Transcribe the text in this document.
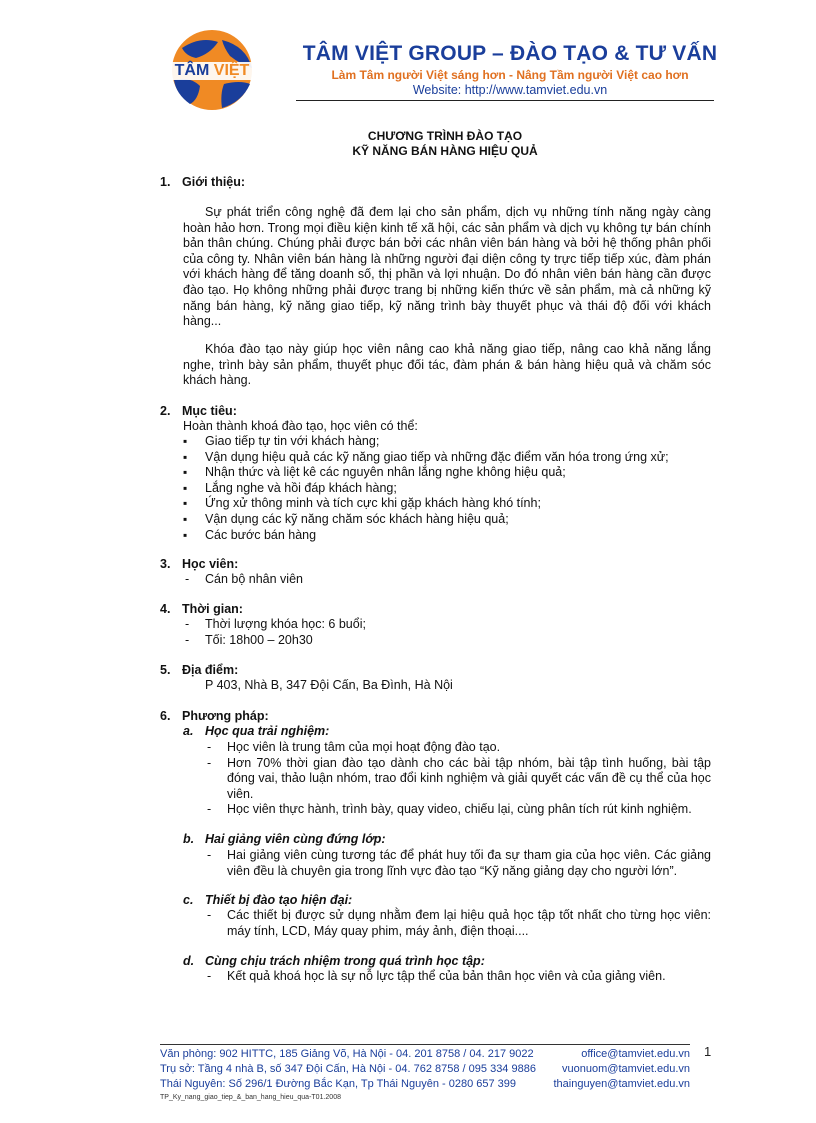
TÂM VIỆT
TÂM VIỆT GROUP – ĐÀO TẠO & TƯ VẤN
Làm Tâm người Việt sáng hơn - Nâng Tầm người Việt cao hơn
Website: http://www.tamviet.edu.vn
CHƯƠNG TRÌNH ĐÀO TẠO
KỸ NĂNG BÁN HÀNG HIỆU QUẢ
1. Giới thiệu:
Sự phát triển công nghệ đã đem lại cho sản phẩm, dịch vụ những tính năng ngày càng hoàn hảo hơn. Trong mọi điều kiện kinh tế xã hội, các sản phẩm và dịch vụ không tự bán chính bản thân chúng. Chúng phải được bán bởi các nhân viên bán hàng và bởi hệ thống phân phối của công ty. Nhân viên bán hàng là những người đại diện công ty trực tiếp tiếp xúc, đàm phán với khách hàng để tăng doanh số, thị phần và lợi nhuận. Do đó nhân viên bán hàng cần được đào tạo. Họ không những phải được trang bị những kiến thức về sản phẩm, mà cả những kỹ năng bán hàng, kỹ năng giao tiếp, kỹ năng trình bày thuyết phục và thái độ đối với khách hàng...
Khóa đào tạo này giúp học viên nâng cao khả năng giao tiếp, nâng cao khả năng lắng nghe, trình bày sản phẩm, thuyết phục đối tác, đàm phán & bán hàng hiệu quả và chăm sóc khách hàng.
2. Mục tiêu:
Hoàn thành khoá đào tạo, học viên có thể:
▪ Giao tiếp tự tin với khách hàng;
▪ Vận dụng hiệu quả các kỹ năng giao tiếp và những đặc điểm văn hóa trong ứng xử;
▪ Nhận thức và liệt kê các nguyên nhân lắng nghe không hiệu quả;
▪ Lắng nghe và hồi đáp khách hàng;
▪ Ứng xử thông minh và tích cực khi gặp khách hàng khó tính;
▪ Vận dụng các kỹ năng chăm sóc khách hàng hiệu quả;
▪ Các bước bán hàng
3. Học viên:
- Cán bộ nhân viên
4. Thời gian:
- Thời lượng khóa học: 6 buổi;
- Tối: 18h00 – 20h30
5. Địa điểm:
P 403, Nhà B, 347 Đội Cấn, Ba Đình, Hà Nội
6. Phương pháp:
a. Học qua trải nghiệm:
- Học viên là trung tâm của mọi hoạt động đào tạo.
- Hơn 70% thời gian đào tạo dành cho các bài tập nhóm, bài tập tình huống, bài tập đóng vai, thảo luận nhóm, trao đổi kinh nghiệm và giải quyết các vấn đề cụ thể của học viên.
- Học viên thực hành, trình bày, quay video, chiếu lại, cùng phân tích rút kinh nghiệm.
b. Hai giảng viên cùng đứng lớp:
- Hai giảng viên cùng tương tác để phát huy tối đa sự tham gia của học viên. Các giảng viên đều là chuyên gia trong lĩnh vực đào tạo “Kỹ năng giảng dạy cho người lớn”.
c. Thiết bị đào tạo hiện đại:
- Các thiết bị được sử dụng nhằm đem lại hiệu quả học tập tốt nhất cho từng học viên: máy tính, LCD, Máy quay phim, máy ảnh, điện thoại....
d. Cùng chịu trách nhiệm trong quá trình học tập:
- Kết quả khoá học là sự nỗ lực tập thể của bản thân học viên và của giảng viên.
1
Văn phòng: 902 HITTC, 185 Giảng Võ, Hà Nội - 04. 201 8758 / 04. 217 9022	office@tamviet.edu.vn
Trụ sở: Tầng 4 nhà B, số 347 Đội Cấn, Hà Nội - 04. 762 8758 / 095 334 9886 vuonuom@tamviet.edu.vn
Thái Nguyên: Số 296/1 Đường Bắc Kạn, Tp Thái Nguyên - 0280 657 399	thainguyen@tamviet.edu.vn
TP_Ky_nang_giao_tiep_&_ban_hang_hieu_qua-T01.2008
